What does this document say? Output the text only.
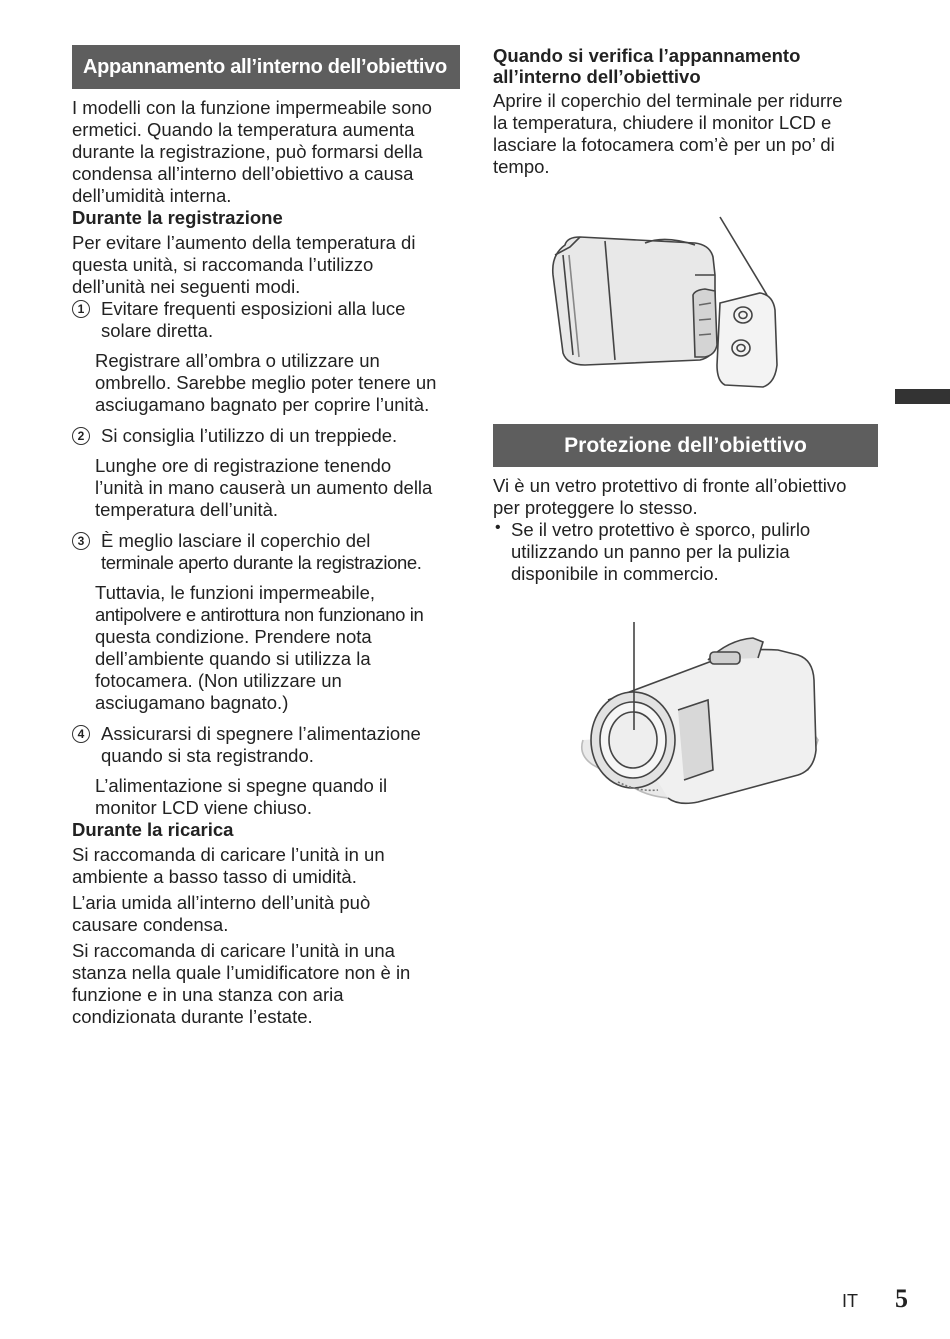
Appannamento all’interno dell’obiettivo

I modelli con la funzione impermeabile sono

ermetici. Quando la temperatura aumenta

durante la registrazione, può formarsi della

condensa all’interno dell’obiettivo a causa

dell’umidità interna.

Durante la registrazione

Per evitare l’aumento della temperatura di

questa unità, si raccomanda l’utilizzo

dell’unità nei seguenti modi.

1 Evitare frequenti esposizioni alla luce

solare diretta.

Registrare all’ombra o utilizzare un

ombrello. Sarebbe meglio poter tenere un

asciugamano bagnato per coprire l’unità.

2 Si consiglia l’utilizzo di un treppiede.

Lunghe ore di registrazione tenendo

l’unità in mano causerà un aumento della

temperatura dell’unità.

3 È meglio lasciare il coperchio del

terminale aperto durante la registrazione.

Tuttavia, le funzioni impermeabile,

antipolvere e antirottura non funzionano in

questa condizione. Prendere nota

dell’ambiente quando si utilizza la

fotocamera. (Non utilizzare un

asciugamano bagnato.)

4 Assicurarsi di spegnere l’alimentazione

quando si sta registrando.

L’alimentazione si spegne quando il

monitor LCD viene chiuso.

Durante la ricarica

Si raccomanda di caricare l’unità in un

ambiente a basso tasso di umidità.

L’aria umida all’interno dell’unità può

causare condensa.

Si raccomanda di caricare l’unità in una

stanza nella quale l’umidificatore non è in

funzione e in una stanza con aria

condizionata durante l’estate.

Quando si verifica l’appannamento
all’interno dell’obiettivo

Aprire il coperchio del terminale per ridurre

la temperatura, chiudere il monitor LCD e

lasciare la fotocamera com’è per un po’ di

tempo.

Protezione dell’obiettivo

Vi è un vetro protettivo di fronte all’obiettivo

per proteggere lo stesso.

• Se il vetro protettivo è sporco, pulirlo

utilizzando un panno per la pulizia

disponibile in commercio.

IT 5
